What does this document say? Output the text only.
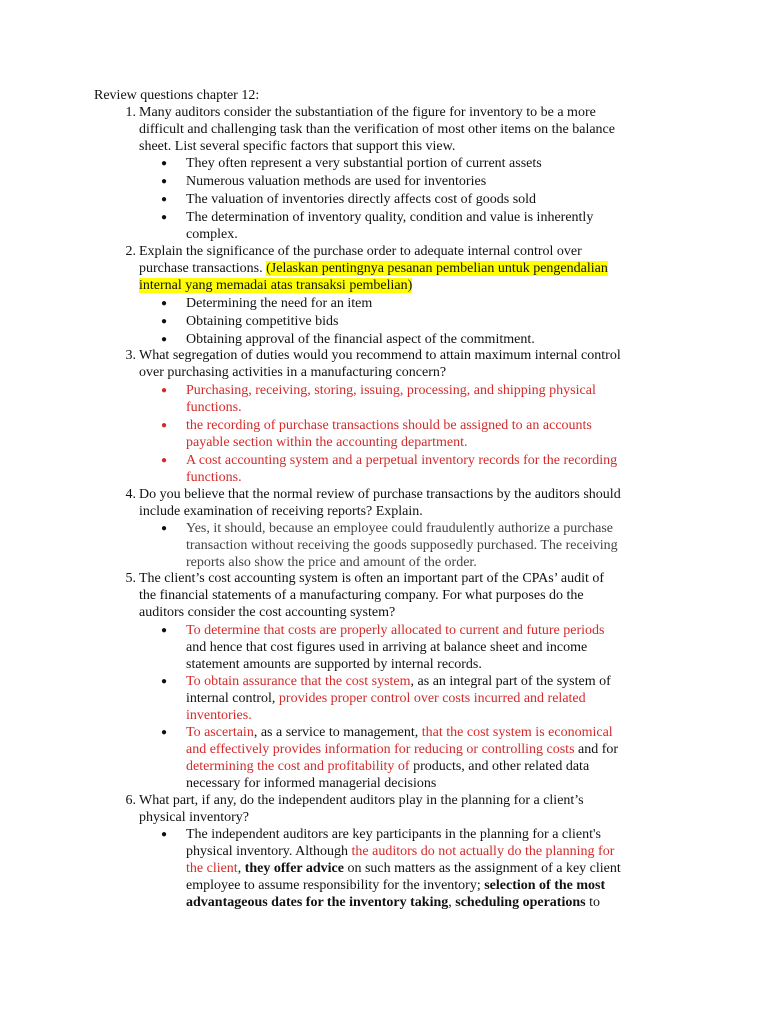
Review questions chapter 12:
1. Many auditors consider the substantiation of the figure for inventory to be a more
difficult and challenging task than the verification of most other items on the balance
sheet. List several specific factors that support this view.
● They often represent a very substantial portion of current assets
● Numerous valuation methods are used for inventories
● The valuation of inventories directly affects cost of goods sold
● The determination of inventory quality, condition and value is inherently
complex.
2. Explain the significance of the purchase order to adequate internal control over
purchase transactions. (Jelaskan pentingnya pesanan pembelian untuk pengendalian
internal yang memadai atas transaksi pembelian)
● Determining the need for an item
● Obtaining competitive bids
● Obtaining approval of the financial aspect of the commitment.
3. What segregation of duties would you recommend to attain maximum internal control
over purchasing activities in a manufacturing concern?
● Purchasing, receiving, storing, issuing, processing, and shipping physical
functions.
● the recording of purchase transactions should be assigned to an accounts
payable section within the accounting department.
● A cost accounting system and a perpetual inventory records for the recording
functions.
4. Do you believe that the normal review of purchase transactions by the auditors should
include examination of receiving reports? Explain.
● Yes, it should, because an employee could fraudulently authorize a purchase
transaction without receiving the goods supposedly purchased. The receiving
reports also show the price and amount of the order.
5. The client’s cost accounting system is often an important part of the CPAs’ audit of
the financial statements of a manufacturing company. For what purposes do the
auditors consider the cost accounting system?
● To determine that costs are properly allocated to current and future periods
and hence that cost figures used in arriving at balance sheet and income
statement amounts are supported by internal records.
● To obtain assurance that the cost system, as an integral part of the system of
internal control, provides proper control over costs incurred and related
inventories.
● To ascertain, as a service to management, that the cost system is economical
and effectively provides information for reducing or controlling costs and for
determining the cost and profitability of products, and other related data
necessary for informed managerial decisions
6. What part, if any, do the independent auditors play in the planning for a client’s
physical inventory?
● The independent auditors are key participants in the planning for a client's
physical inventory. Although the auditors do not actually do the planning for
the client, they offer advice on such matters as the assignment of a key client
employee to assume responsibility for the inventory; selection of the most
advantageous dates for the inventory taking, scheduling operations to
